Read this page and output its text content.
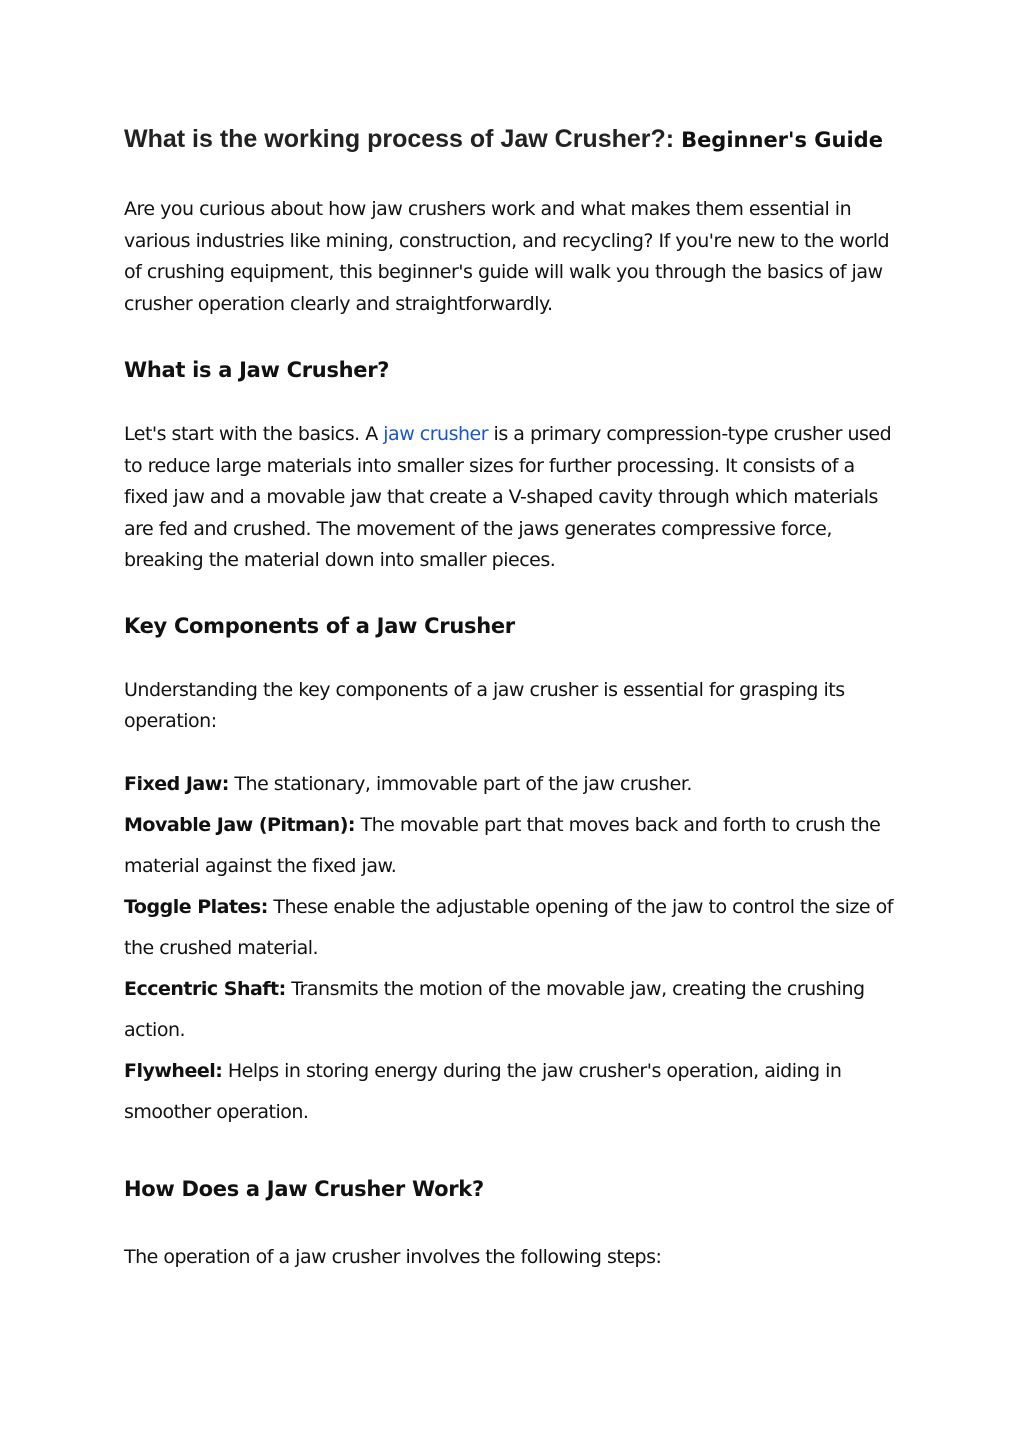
What is the working process of Jaw Crusher?: Beginner's Guide

Are you curious about how jaw crushers work and what makes them essential in various industries like mining, construction, and recycling? If you're new to the world of crushing equipment, this beginner's guide will walk you through the basics of jaw crusher operation clearly and straightforwardly.

What is a Jaw Crusher?

Let's start with the basics. A jaw crusher is a primary compression-type crusher used to reduce large materials into smaller sizes for further processing. It consists of a fixed jaw and a movable jaw that create a V-shaped cavity through which materials are fed and crushed. The movement of the jaws generates compressive force, breaking the material down into smaller pieces.

Key Components of a Jaw Crusher

Understanding the key components of a jaw crusher is essential for grasping its operation:

Fixed Jaw: The stationary, immovable part of the jaw crusher.

Movable Jaw (Pitman): The movable part that moves back and forth to crush the material against the fixed jaw.

Toggle Plates: These enable the adjustable opening of the jaw to control the size of the crushed material.

Eccentric Shaft: Transmits the motion of the movable jaw, creating the crushing action.

Flywheel: Helps in storing energy during the jaw crusher's operation, aiding in smoother operation.

How Does a Jaw Crusher Work?

The operation of a jaw crusher involves the following steps:
